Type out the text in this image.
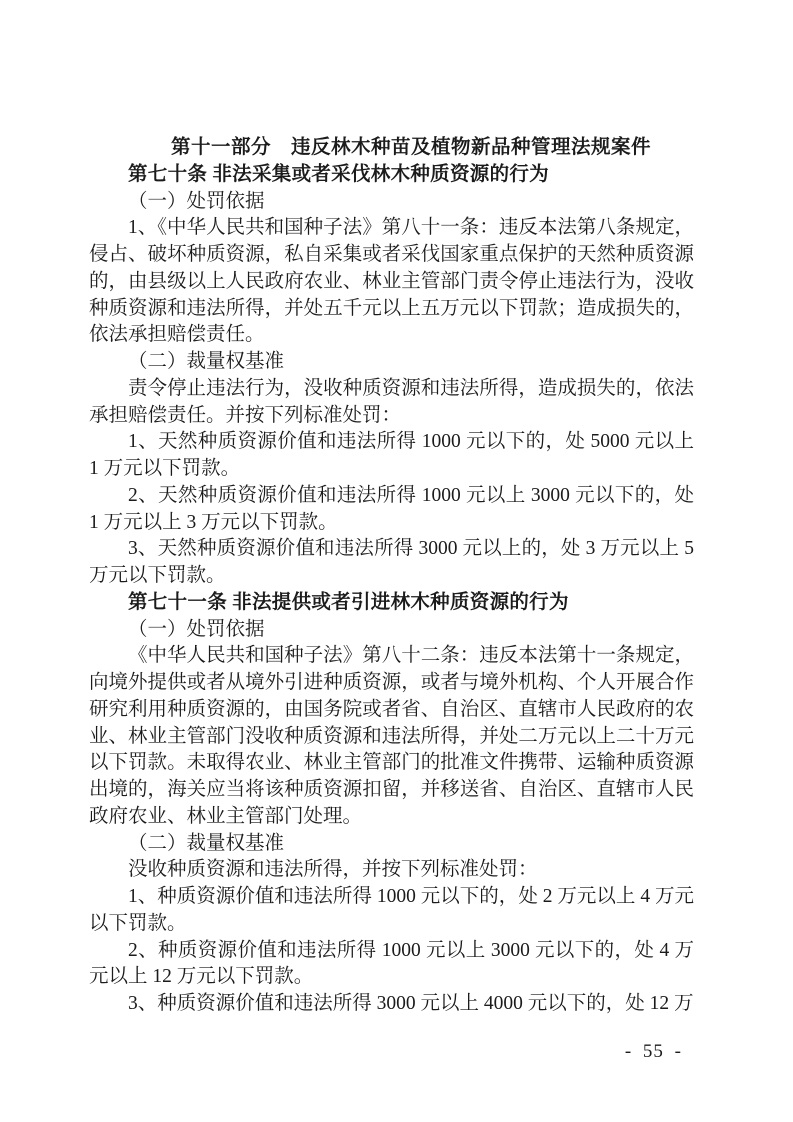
第十一部分　违反林木种苗及植物新品种管理法规案件

第七十条 非法采集或者采伐林木种质资源的行为

（一）处罚依据

1、《中华人民共和国种子法》第八十一条：违反本法第八条规定，侵占、破坏种质资源，私自采集或者采伐国家重点保护的天然种质资源的，由县级以上人民政府农业、林业主管部门责令停止违法行为，没收种质资源和违法所得，并处五千元以上五万元以下罚款；造成损失的，依法承担赔偿责任。

（二）裁量权基准

责令停止违法行为，没收种质资源和违法所得，造成损失的，依法承担赔偿责任。并按下列标准处罚：

1、天然种质资源价值和违法所得 1000 元以下的，处 5000 元以上 1 万元以下罚款。

2、天然种质资源价值和违法所得 1000 元以上 3000 元以下的，处 1 万元以上 3 万元以下罚款。

3、天然种质资源价值和违法所得 3000 元以上的，处 3 万元以上 5 万元以下罚款。

第七十一条 非法提供或者引进林木种质资源的行为

（一）处罚依据

《中华人民共和国种子法》第八十二条：违反本法第十一条规定，向境外提供或者从境外引进种质资源，或者与境外机构、个人开展合作研究利用种质资源的，由国务院或者省、自治区、直辖市人民政府的农业、林业主管部门没收种质资源和违法所得，并处二万元以上二十万元以下罚款。未取得农业、林业主管部门的批准文件携带、运输种质资源出境的，海关应当将该种质资源扣留，并移送省、自治区、直辖市人民政府农业、林业主管部门处理。

（二）裁量权基准

没收种质资源和违法所得，并按下列标准处罚：

1、种质资源价值和违法所得 1000 元以下的，处 2 万元以上 4 万元以下罚款。

2、种质资源价值和违法所得 1000 元以上 3000 元以下的，处 4 万元以上 12 万元以下罚款。

3、种质资源价值和违法所得 3000 元以上 4000 元以下的，处 12 万

- 55 -
